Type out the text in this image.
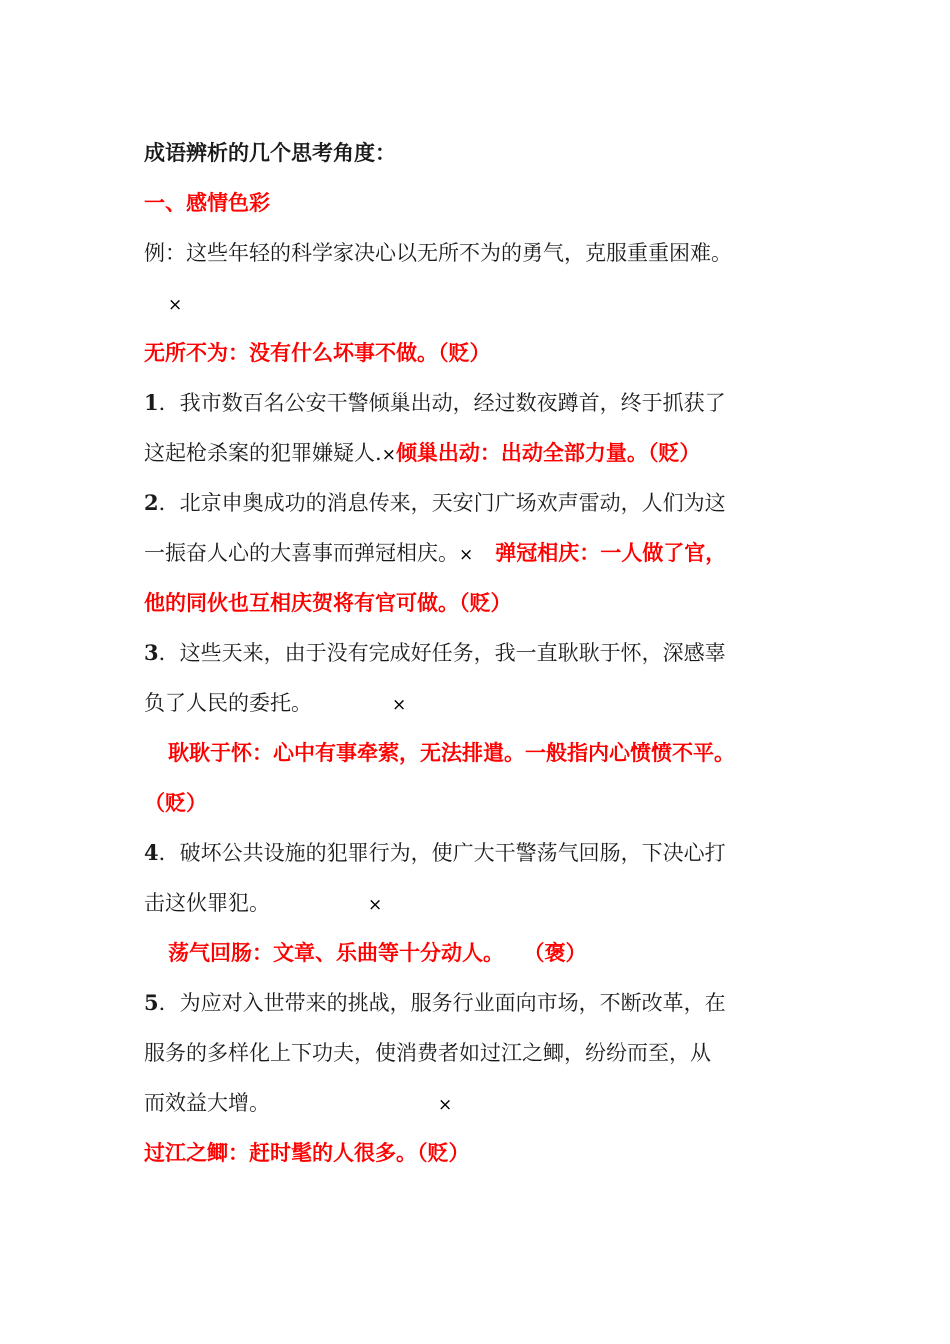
成语辨析的几个思考角度：
一、感情色彩
例：这些年轻的科学家决心以无所不为的勇气，克服重重困难。
×
无所不为：没有什么坏事不做。（贬）
1．我市数百名公安干警倾巢出动，经过数夜蹲首，终于抓获了
这起枪杀案的犯罪嫌疑人.×倾巢出动：出动全部力量。（贬）
2．北京申奥成功的消息传来，天安门广场欢声雷动，人们为这
一振奋人心的大喜事而弹冠相庆。× 弹冠相庆：一人做了官，
他的同伙也互相庆贺将有官可做。（贬）
3．这些天来，由于没有完成好任务，我一直耿耿于怀，深感辜
负了人民的委托。	×
耿耿于怀：心中有事牵萦，无法排遣。一般指内心愤愤不平。
（贬）
4．破坏公共设施的犯罪行为，使广大干警荡气回肠，下决心打
击这伙罪犯。	×
荡气回肠：文章、乐曲等十分动人。 （褒）
5．为应对入世带来的挑战，服务行业面向市场，不断改革，在
服务的多样化上下功夫，使消费者如过江之鲫，纷纷而至，从
而效益大增。	×
过江之鲫：赶时髦的人很多。（贬）
